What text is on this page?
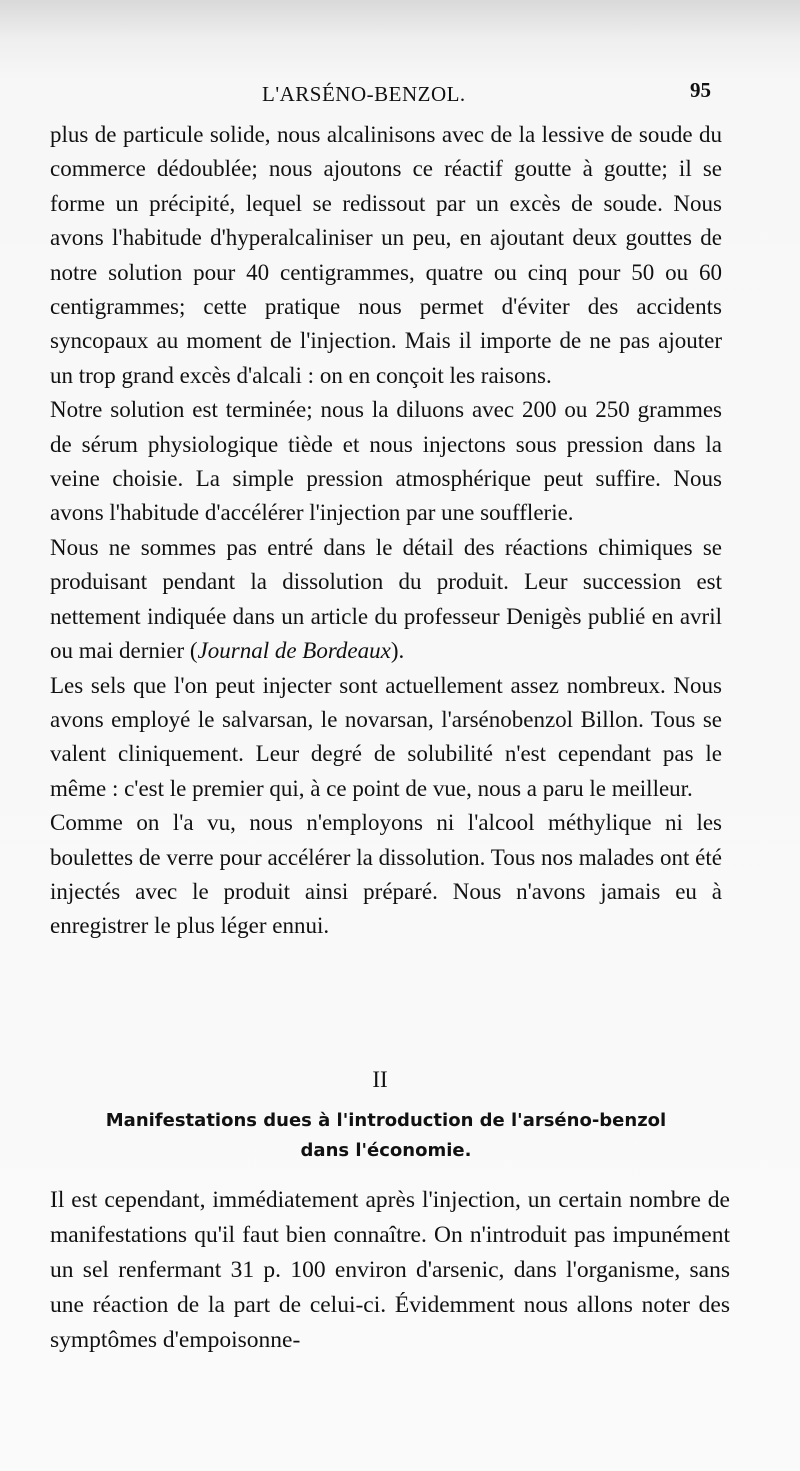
L'ARSÉNO-BENZOL.	95

plus de particule solide, nous alcalinisons avec de la lessive de soude du commerce dédoublée; nous ajoutons ce réactif goutte à goutte; il se forme un précipité, lequel se redissout par un excès de soude. Nous avons l'habitude d'hyperalcaliniser un peu, en ajoutant deux gouttes de notre solution pour 40 centigrammes, quatre ou cinq pour 50 ou 60 centigrammes; cette pratique nous permet d'éviter des accidents syncopaux au moment de l'injection. Mais il importe de ne pas ajouter un trop grand excès d'alcali : on en conçoit les raisons.

Notre solution est terminée; nous la diluons avec 200 ou 250 grammes de sérum physiologique tiède et nous injectons sous pression dans la veine choisie. La simple pression atmosphérique peut suffire. Nous avons l'habitude d'accélérer l'injection par une soufflerie.

Nous ne sommes pas entré dans le détail des réactions chimiques se produisant pendant la dissolution du produit. Leur succession est nettement indiquée dans un article du professeur Denigès publié en avril ou mai dernier (Journal de Bordeaux).

Les sels que l'on peut injecter sont actuellement assez nombreux. Nous avons employé le salvarsan, le novarsan, l'arsénobenzol Billon. Tous se valent cliniquement. Leur degré de solubilité n'est cependant pas le même : c'est le premier qui, à ce point de vue, nous a paru le meilleur.

Comme on l'a vu, nous n'employons ni l'alcool méthylique ni les boulettes de verre pour accélérer la dissolution. Tous nos malades ont été injectés avec le produit ainsi préparé. Nous n'avons jamais eu à enregistrer le plus léger ennui.

II
Manifestations dues à l'introduction de l'arséno-benzol
dans l'économie.

Il est cependant, immédiatement après l'injection, un certain nombre de manifestations qu'il faut bien connaître. On n'introduit pas impunément un sel renfermant 31 p. 100 environ d'arsenic, dans l'organisme, sans une réaction de la part de celui-ci. Évidemment nous allons noter des symptômes d'empoisonne-
